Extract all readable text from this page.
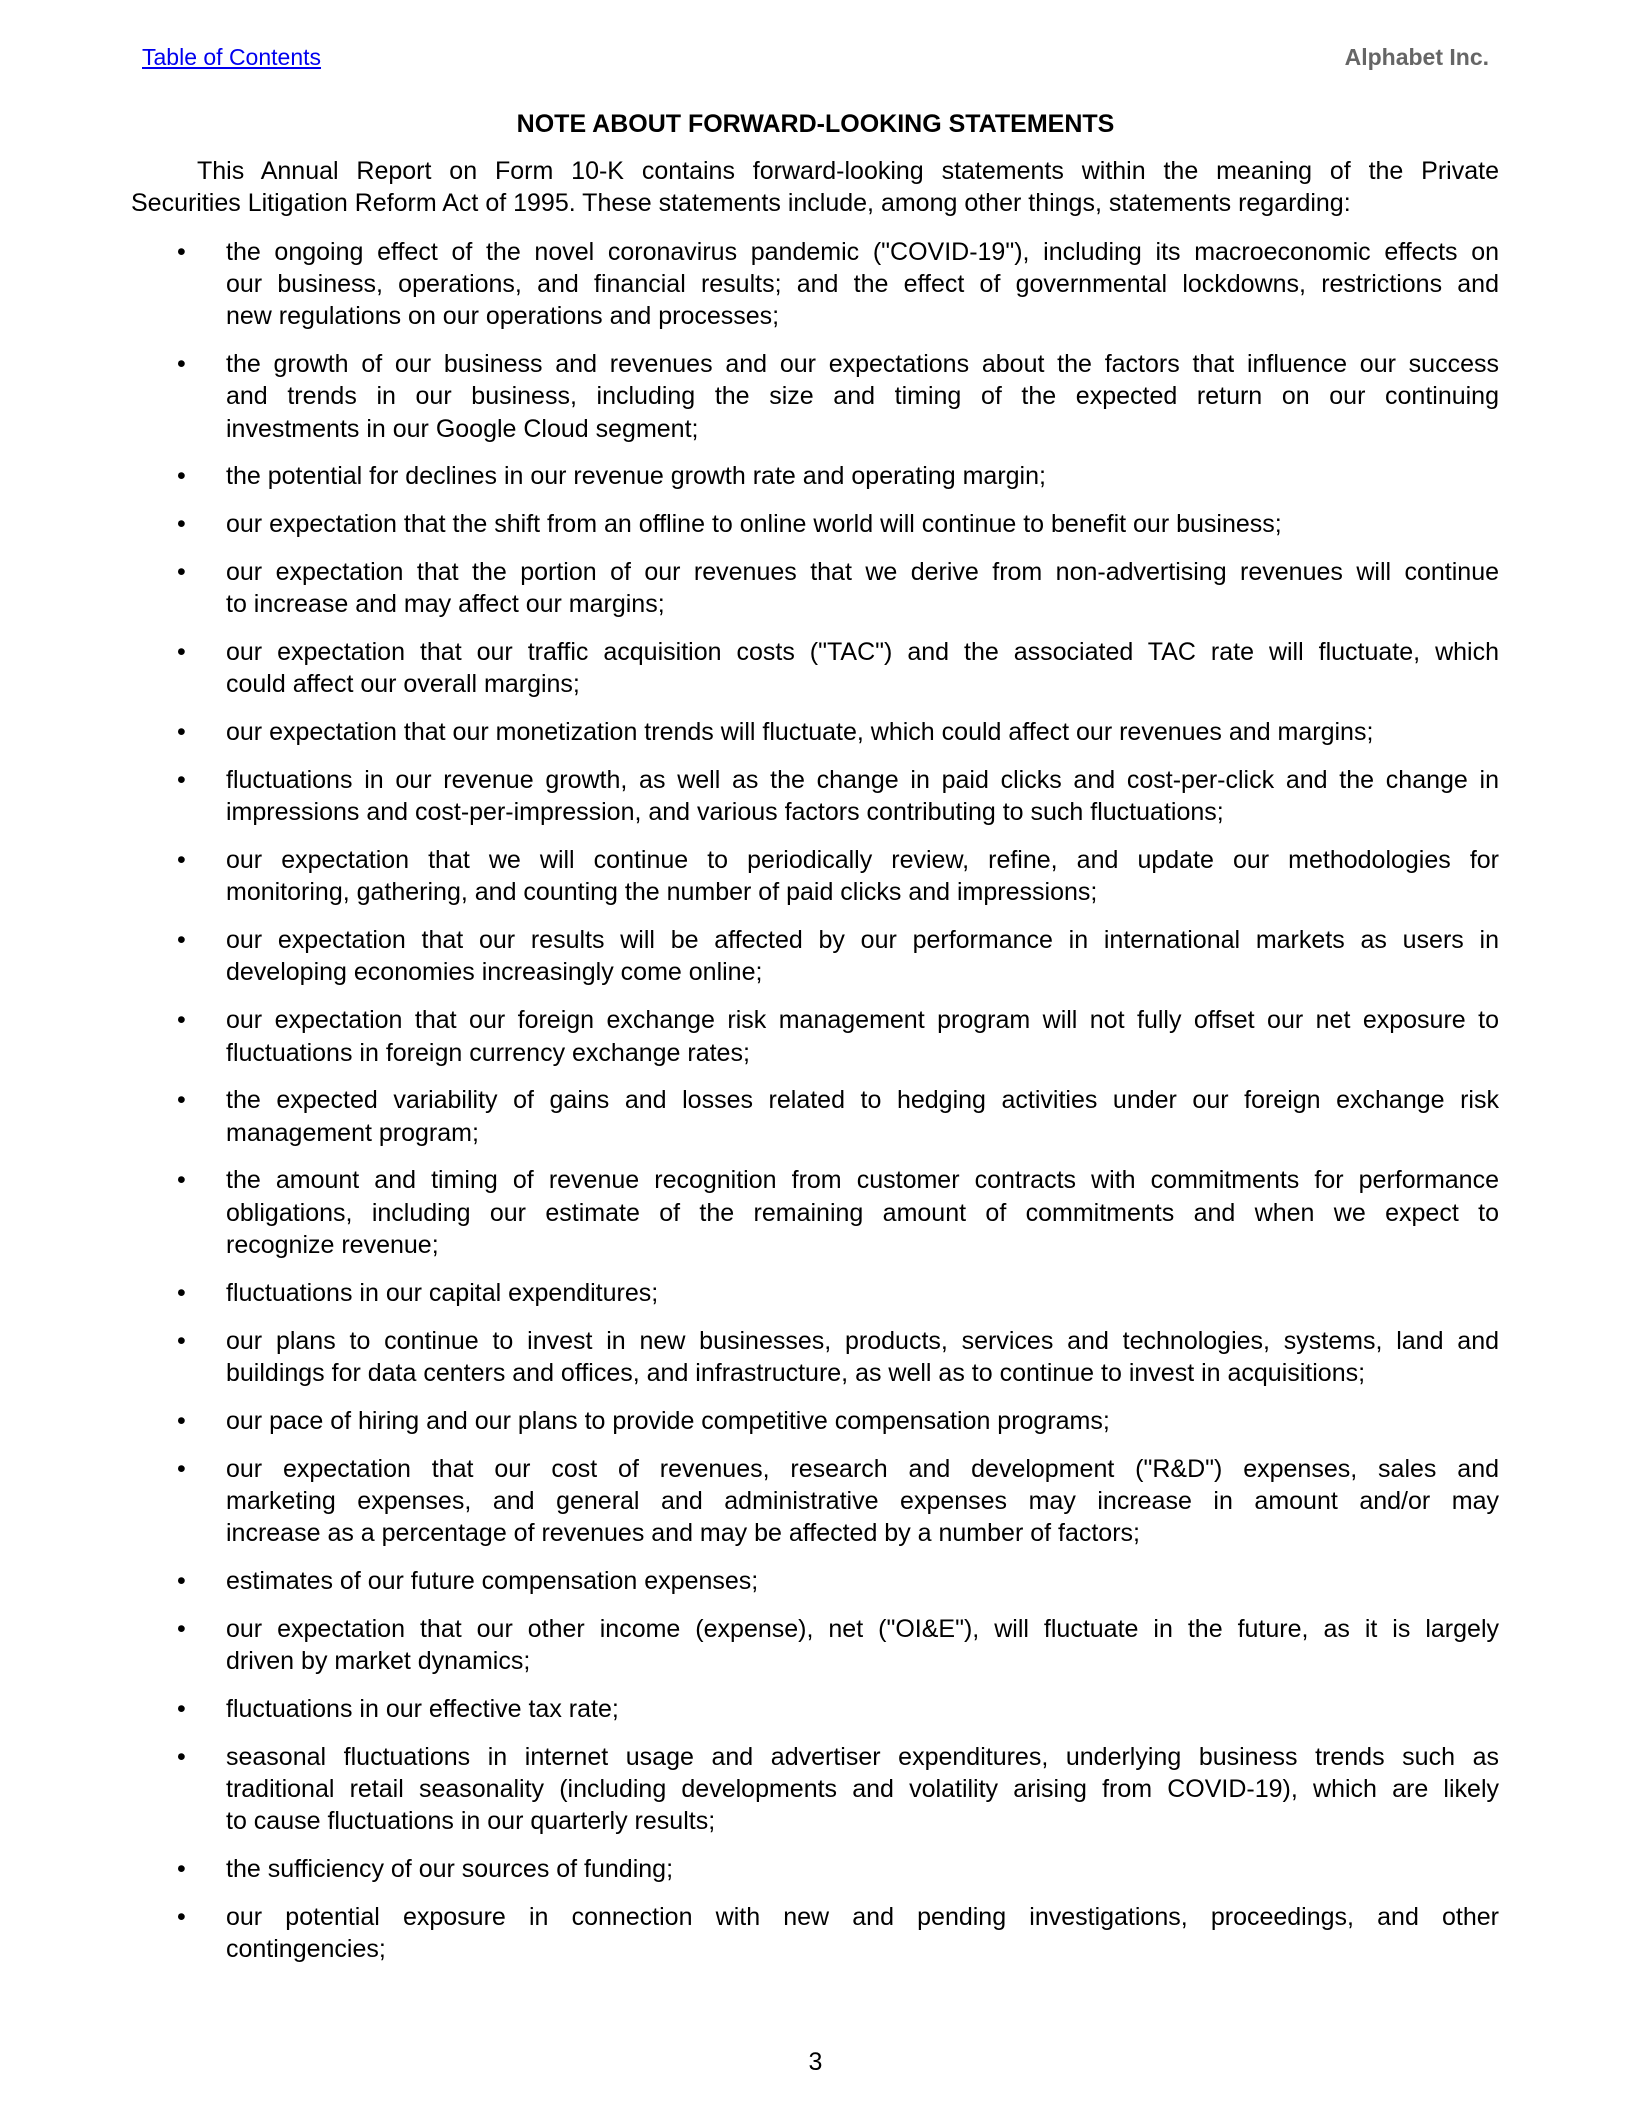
Table of Contents	Alphabet Inc.
NOTE ABOUT FORWARD-LOOKING STATEMENTS
This Annual Report on Form 10-K contains forward-looking statements within the meaning of the Private
Securities Litigation Reform Act of 1995. These statements include, among other things, statements regarding:
• the ongoing effect of the novel coronavirus pandemic ("COVID-19"), including its macroeconomic effects on
our business, operations, and financial results; and the effect of governmental lockdowns, restrictions and
new regulations on our operations and processes;
• the growth of our business and revenues and our expectations about the factors that influence our success
and trends in our business, including the size and timing of the expected return on our continuing
investments in our Google Cloud segment;
• the potential for declines in our revenue growth rate and operating margin;
• our expectation that the shift from an offline to online world will continue to benefit our business;
• our expectation that the portion of our revenues that we derive from non-advertising revenues will continue
to increase and may affect our margins;
• our expectation that our traffic acquisition costs ("TAC") and the associated TAC rate will fluctuate, which
could affect our overall margins;
• our expectation that our monetization trends will fluctuate, which could affect our revenues and margins;
• fluctuations in our revenue growth, as well as the change in paid clicks and cost-per-click and the change in
impressions and cost-per-impression, and various factors contributing to such fluctuations;
• our expectation that we will continue to periodically review, refine, and update our methodologies for
monitoring, gathering, and counting the number of paid clicks and impressions;
• our expectation that our results will be affected by our performance in international markets as users in
developing economies increasingly come online;
• our expectation that our foreign exchange risk management program will not fully offset our net exposure to
fluctuations in foreign currency exchange rates;
• the expected variability of gains and losses related to hedging activities under our foreign exchange risk
management program;
• the amount and timing of revenue recognition from customer contracts with commitments for performance
obligations, including our estimate of the remaining amount of commitments and when we expect to
recognize revenue;
• fluctuations in our capital expenditures;
• our plans to continue to invest in new businesses, products, services and technologies, systems, land and
buildings for data centers and offices, and infrastructure, as well as to continue to invest in acquisitions;
• our pace of hiring and our plans to provide competitive compensation programs;
• our expectation that our cost of revenues, research and development ("R&D") expenses, sales and
marketing expenses, and general and administrative expenses may increase in amount and/or may
increase as a percentage of revenues and may be affected by a number of factors;
• estimates of our future compensation expenses;
• our expectation that our other income (expense), net ("OI&E"), will fluctuate in the future, as it is largely
driven by market dynamics;
• fluctuations in our effective tax rate;
• seasonal fluctuations in internet usage and advertiser expenditures, underlying business trends such as
traditional retail seasonality (including developments and volatility arising from COVID-19), which are likely
to cause fluctuations in our quarterly results;
• the sufficiency of our sources of funding;
• our potential exposure in connection with new and pending investigations, proceedings, and other
contingencies;
3
